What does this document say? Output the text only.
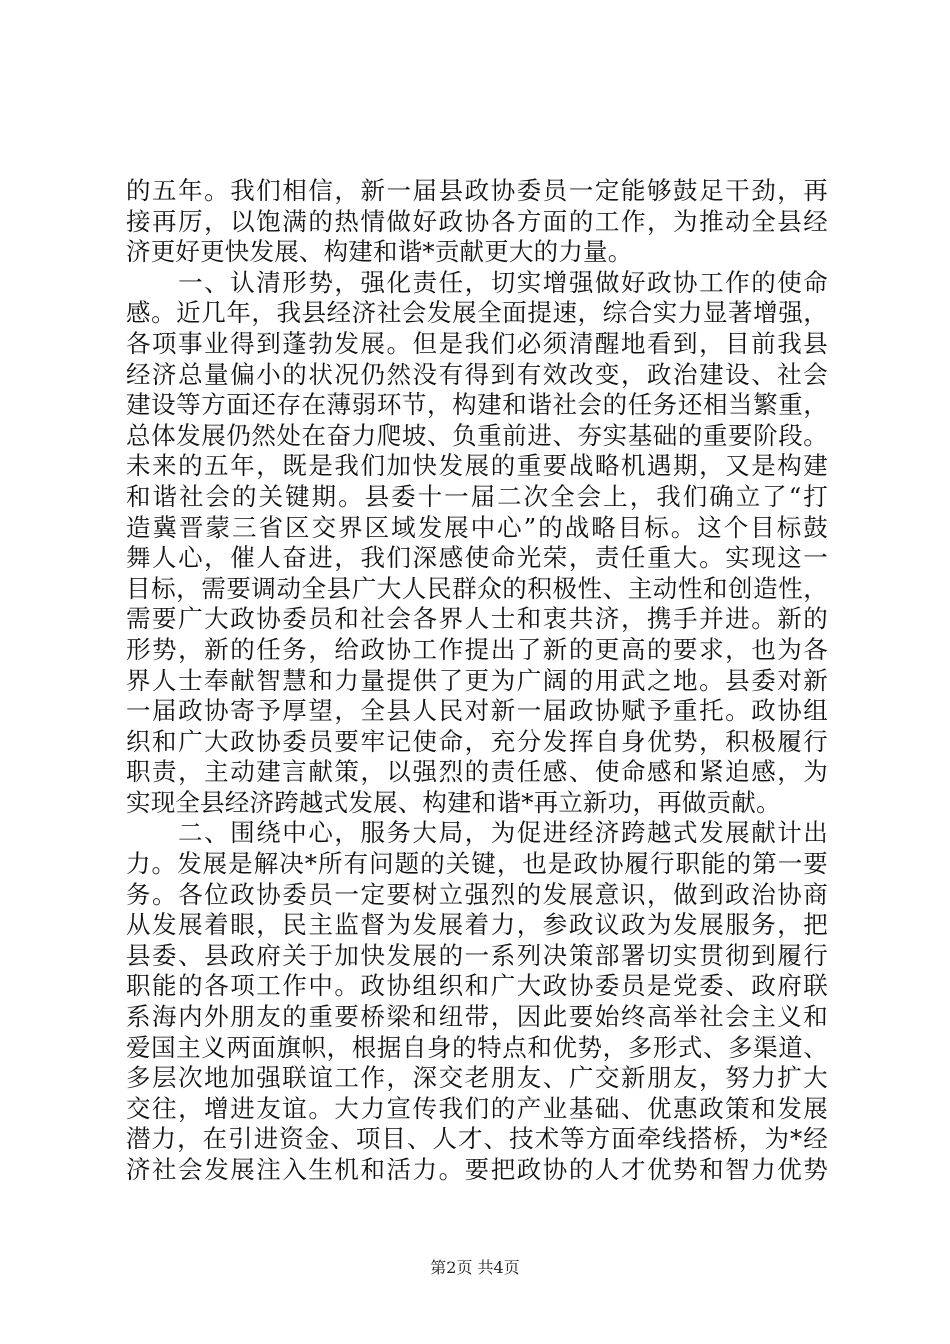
的五年。我们相信，新一届县政协委员一定能够鼓足干劲，再
接再厉，以饱满的热情做好政协各方面的工作，为推动全县经
济更好更快发展、构建和谐*贡献更大的力量。
　　一、认清形势，强化责任，切实增强做好政协工作的使命
感。近几年，我县经济社会发展全面提速，综合实力显著增强，
各项事业得到蓬勃发展。但是我们必须清醒地看到，目前我县
经济总量偏小的状况仍然没有得到有效改变，政治建设、社会
建设等方面还存在薄弱环节，构建和谐社会的任务还相当繁重，
总体发展仍然处在奋力爬坡、负重前进、夯实基础的重要阶段。
未来的五年，既是我们加快发展的重要战略机遇期，又是构建
和谐社会的关键期。县委十一届二次全会上，我们确立了“打
造冀晋蒙三省区交界区域发展中心”的战略目标。这个目标鼓
舞人心，催人奋进，我们深感使命光荣，责任重大。实现这一
目标，需要调动全县广大人民群众的积极性、主动性和创造性，
需要广大政协委员和社会各界人士和衷共济，携手并进。新的
形势，新的任务，给政协工作提出了新的更高的要求，也为各
界人士奉献智慧和力量提供了更为广阔的用武之地。县委对新
一届政协寄予厚望，全县人民对新一届政协赋予重托。政协组
织和广大政协委员要牢记使命，充分发挥自身优势，积极履行
职责，主动建言献策，以强烈的责任感、使命感和紧迫感，为
实现全县经济跨越式发展、构建和谐*再立新功，再做贡献。
　　二、围绕中心，服务大局，为促进经济跨越式发展献计出
力。发展是解决*所有问题的关键，也是政协履行职能的第一要
务。各位政协委员一定要树立强烈的发展意识，做到政治协商
从发展着眼，民主监督为发展着力，参政议政为发展服务，把
县委、县政府关于加快发展的一系列决策部署切实贯彻到履行
职能的各项工作中。政协组织和广大政协委员是党委、政府联
系海内外朋友的重要桥梁和纽带，因此要始终高举社会主义和
爱国主义两面旗帜，根据自身的特点和优势，多形式、多渠道、
多层次地加强联谊工作，深交老朋友、广交新朋友，努力扩大
交往，增进友谊。大力宣传我们的产业基础、优惠政策和发展
潜力，在引进资金、项目、人才、技术等方面牵线搭桥，为*经
济社会发展注入生机和活力。要把政协的人才优势和智力优势
第2页 共4页
